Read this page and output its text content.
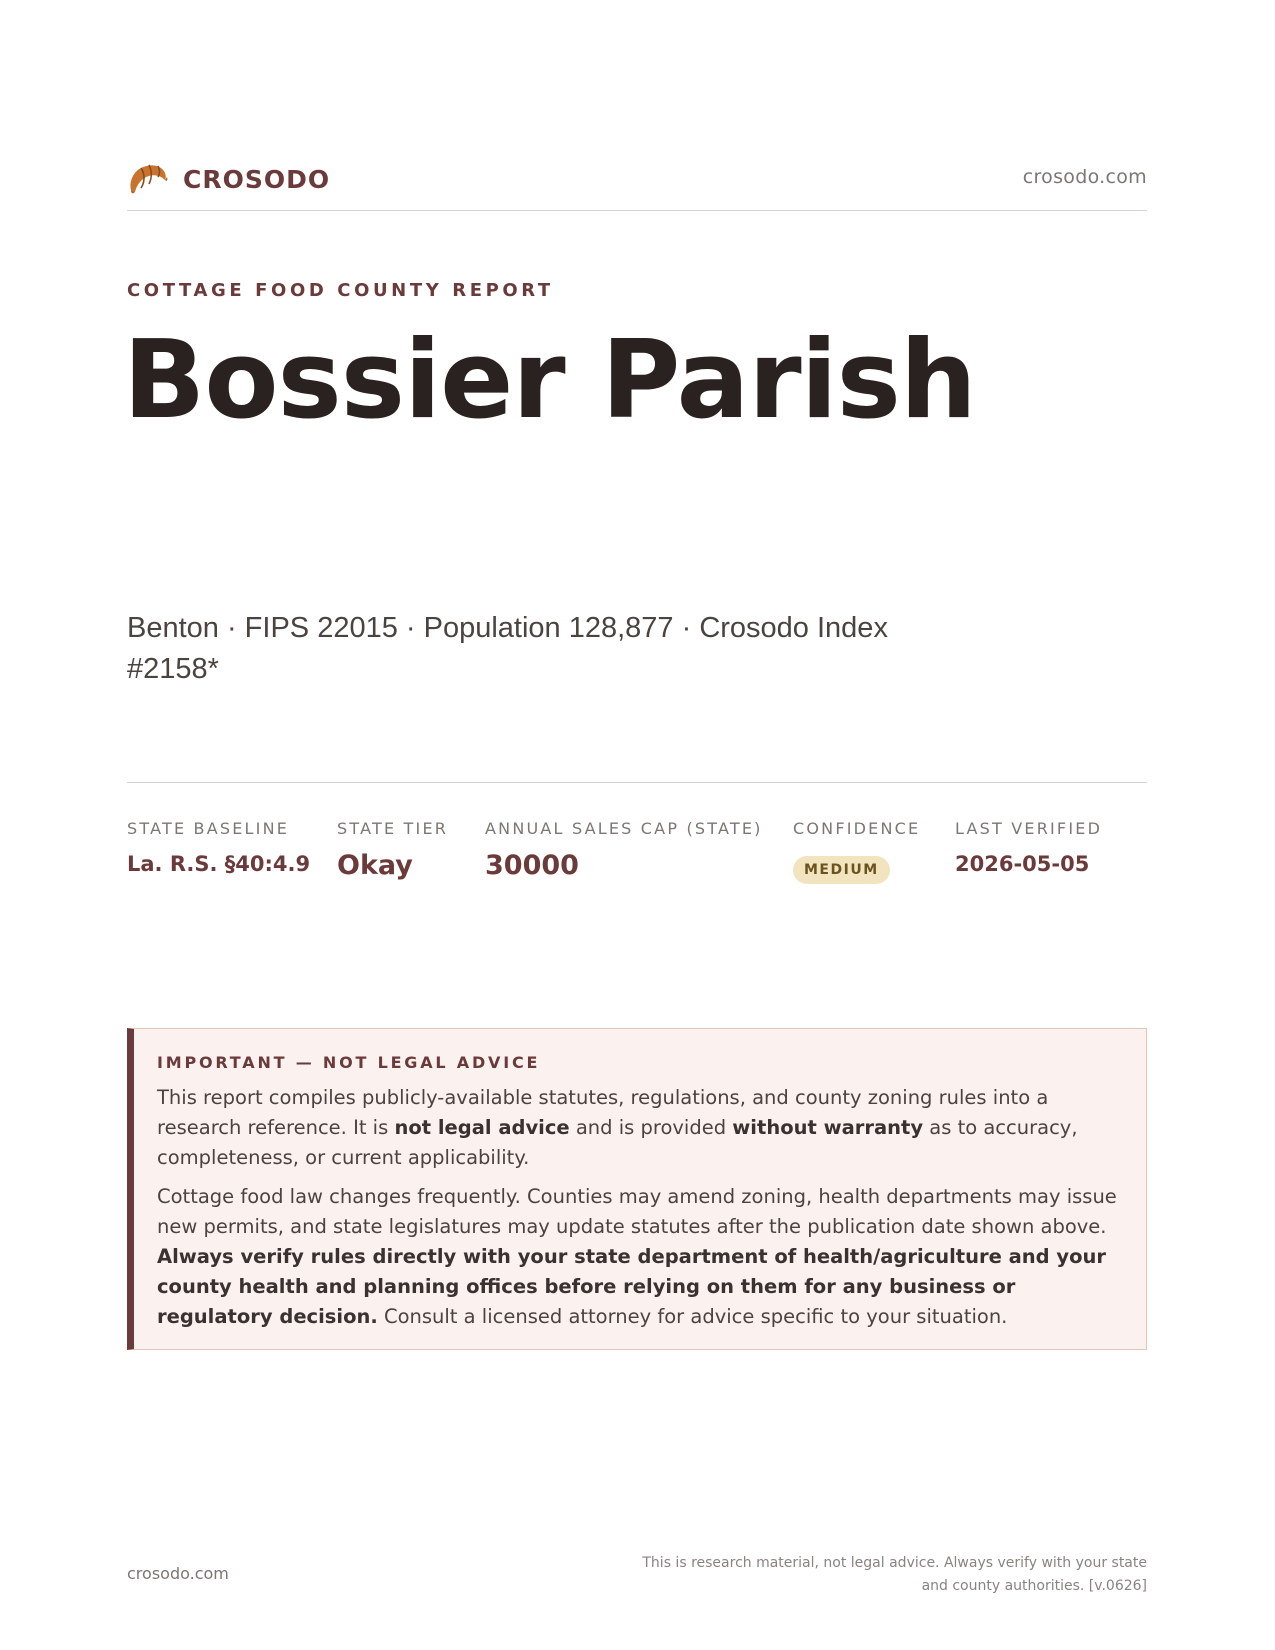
CROSODO	crosodo.com
COTTAGE FOOD COUNTY REPORT
Bossier Parish
Benton · FIPS 22015 · Population 128,877 · Crosodo Index #2158*
STATE BASELINE
La. R.S. §40:4.9
STATE TIER
Okay
ANNUAL SALES CAP (STATE)
30000
CONFIDENCE
MEDIUM
LAST VERIFIED
2026-05-05
IMPORTANT — NOT LEGAL ADVICE

This report compiles publicly-available statutes, regulations, and county zoning rules into a research reference. It is not legal advice and is provided without warranty as to accuracy, completeness, or current applicability.

Cottage food law changes frequently. Counties may amend zoning, health departments may issue new permits, and state legislatures may update statutes after the publication date shown above. Always verify rules directly with your state department of health/agriculture and your county health and planning offices before relying on them for any business or regulatory decision. Consult a licensed attorney for advice specific to your situation.

crosodo.com
This is research material, not legal advice. Always verify with your state and county authorities. [v.0626]
